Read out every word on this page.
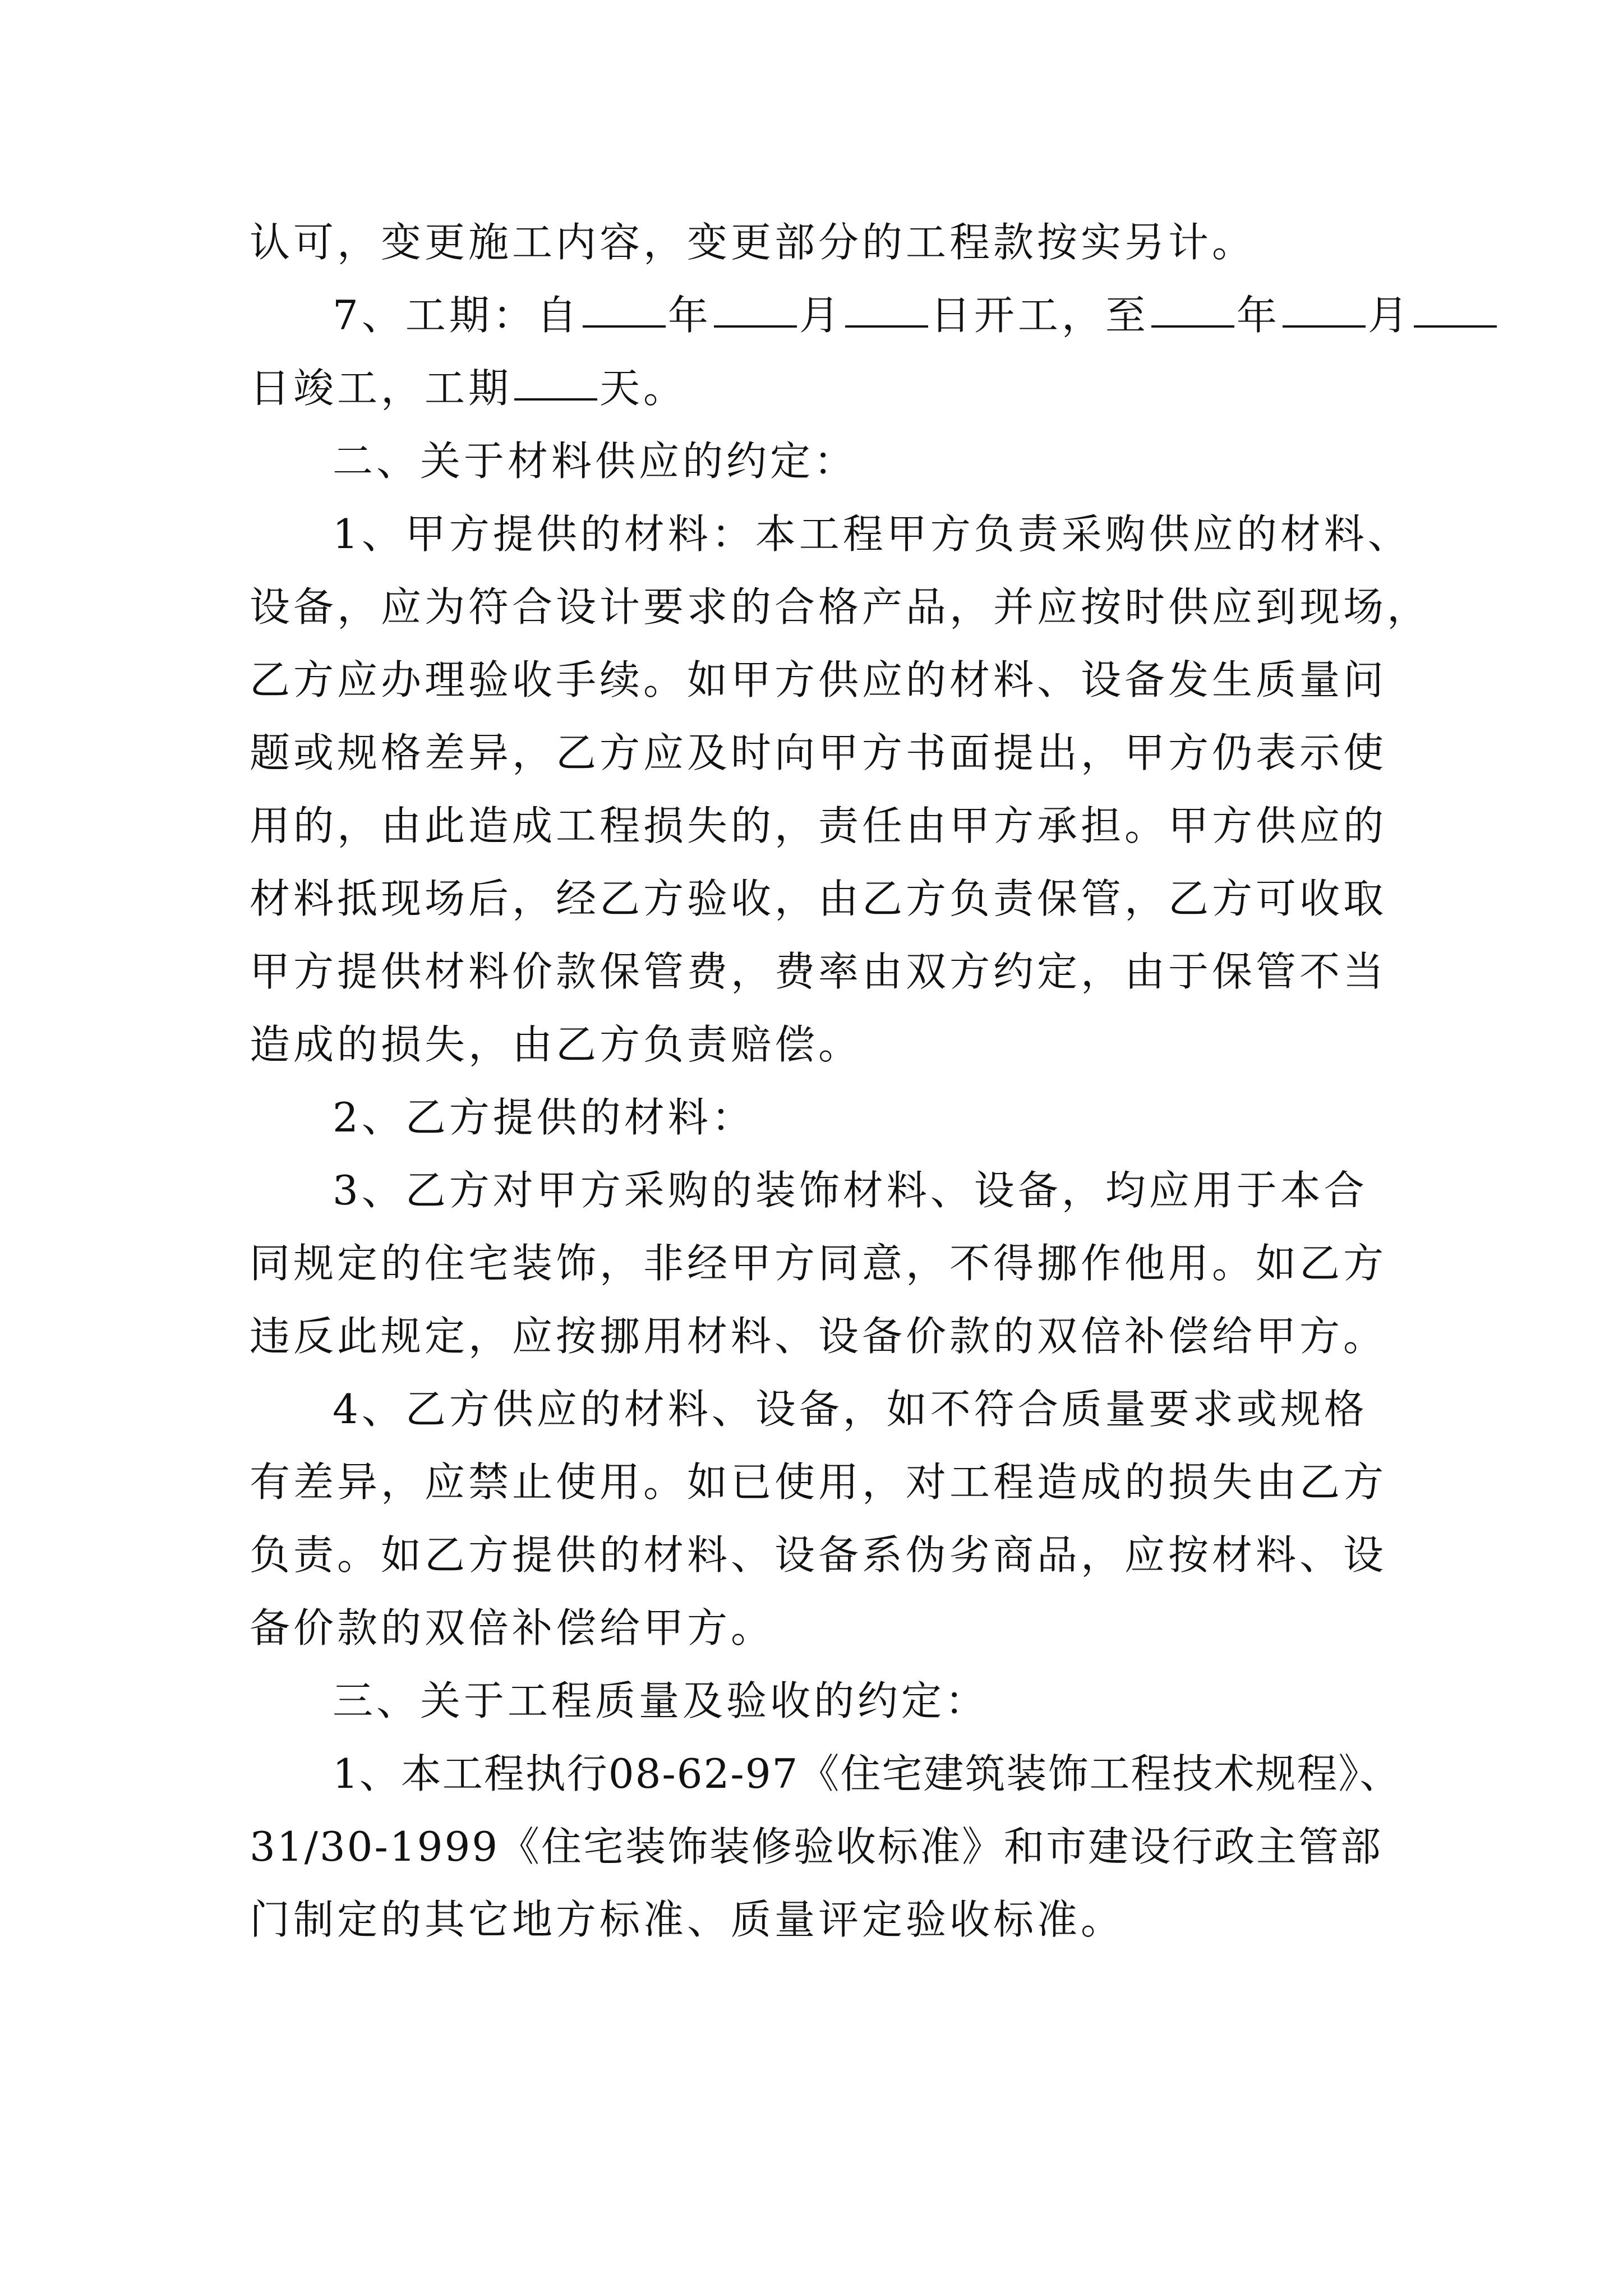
认可，变更施工内容，变更部分的工程款按实另计。
7、工期：自 年 月 日开工，至 年 月
日竣工，工期 天。
二、关于材料供应的约定：
1、甲方提供的材料：本工程甲方负责采购供应的材料、
设备，应为符合设计要求的合格产品，并应按时供应到现场，
乙方应办理验收手续。如甲方供应的材料、设备发生质量问
题或规格差异，乙方应及时向甲方书面提出，甲方仍表示使
用的，由此造成工程损失的，责任由甲方承担。甲方供应的
材料抵现场后，经乙方验收，由乙方负责保管，乙方可收取
甲方提供材料价款保管费，费率由双方约定，由于保管不当
造成的损失，由乙方负责赔偿。
2、乙方提供的材料：
3、乙方对甲方采购的装饰材料、设备，均应用于本合
同规定的住宅装饰，非经甲方同意，不得挪作他用。如乙方
违反此规定，应按挪用材料、设备价款的双倍补偿给甲方。
4、乙方供应的材料、设备，如不符合质量要求或规格
有差异，应禁止使用。如已使用，对工程造成的损失由乙方
负责。如乙方提供的材料、设备系伪劣商品，应按材料、设
备价款的双倍补偿给甲方。
三、关于工程质量及验收的约定：
1、本工程执行08-62-97《住宅建筑装饰工程技术规程》、
31/30-1999《住宅装饰装修验收标准》和市建设行政主管部
门制定的其它地方标准、质量评定验收标准。
